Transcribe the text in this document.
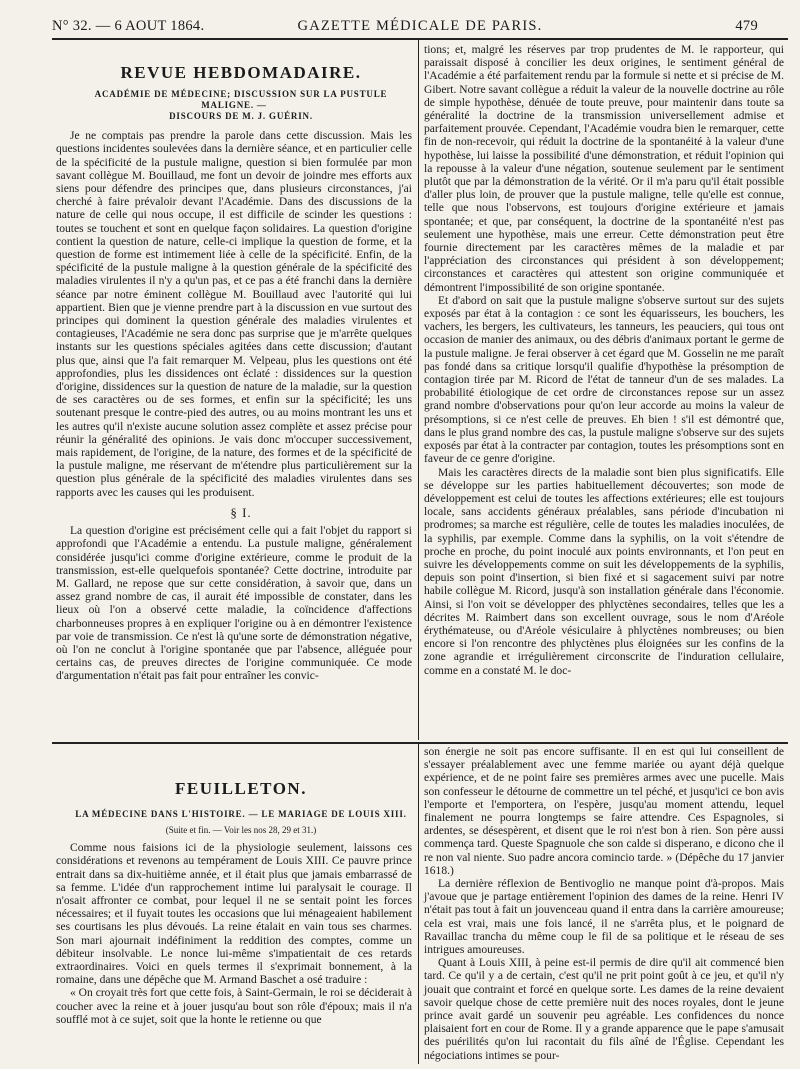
N° 32. — 6 AOUT 1864.	GAZETTE MÉDICALE DE PARIS.	479

REVUE HEBDOMADAIRE.

ACADÉMIE DE MÉDECINE; DISCUSSION SUR LA PUSTULE MALIGNE. —

DISCOURS DE M. J. GUÉRIN.

Je ne comptais pas prendre la parole dans cette discussion. Mais les questions incidentes soulevées dans la dernière séance, et en particulier celle de la spécificité de la pustule maligne, question si bien formulée par mon savant collègue M. Bouillaud, me font un devoir de joindre mes efforts aux siens pour défendre des principes que, dans plusieurs circonstances, j'ai cherché à faire prévaloir devant l'Académie. Dans des discussions de la nature de celle qui nous occupe, il est difficile de scinder les questions : toutes se touchent et sont en quelque façon solidaires. La question d'origine contient la question de nature, celle-ci implique la question de forme, et la question de forme est intimement liée à celle de la spécificité. Enfin, de la spécificité de la pustule maligne à la question générale de la spécificité des maladies virulentes il n'y a qu'un pas, et ce pas a été franchi dans la dernière séance par notre éminent collègue M. Bouillaud avec l'autorité qui lui appartient. Bien que je vienne prendre part à la discussion en vue surtout des principes qui dominent la question générale des maladies virulentes et contagieuses, l'Académie ne sera donc pas surprise que je m'arrête quelques instants sur les questions spéciales agitées dans cette discussion; d'autant plus que, ainsi que l'a fait remarquer M. Velpeau, plus les questions ont été approfondies, plus les dissidences ont éclaté : dissidences sur la question d'origine, dissidences sur la question de nature de la maladie, sur la question de ses caractères ou de ses formes, et enfin sur la spécificité; les uns soutenant presque le contre-pied des autres, ou au moins montrant les uns et les autres qu'il n'existe aucune solution assez complète et assez précise pour réunir la généralité des opinions. Je vais donc m'occuper successivement, mais rapidement, de l'origine, de la nature, des formes et de la spécificité de la pustule maligne, me réservant de m'étendre plus particulièrement sur la question plus générale de la spécificité des maladies virulentes dans ses rapports avec les causes qui les produisent.

§ I.

La question d'origine est précisément celle qui a fait l'objet du rapport si approfondi que l'Académie a entendu. La pustule maligne, généralement considérée jusqu'ici comme d'origine extérieure, comme le produit de la transmission, est-elle quelquefois spontanée? Cette doctrine, introduite par M. Gallard, ne repose que sur cette considération, à savoir que, dans un assez grand nombre de cas, il aurait été impossible de constater, dans les lieux où l'on a observé cette maladie, la coïncidence d'affections charbonneuses propres à en expliquer l'origine ou à en démontrer l'existence par voie de transmission. Ce n'est là qu'une sorte de démonstration négative, où l'on ne conclut à l'origine spontanée que par l'absence, alléguée pour certains cas, de preuves directes de l'origine communiquée. Ce mode d'argumentation n'était pas fait pour entraîner les convic-

tions; et, malgré les réserves par trop prudentes de M. le rapporteur, qui paraissait disposé à concilier les deux origines, le sentiment général de l'Académie a été parfaitement rendu par la formule si nette et si précise de M. Gibert. Notre savant collègue a réduit la valeur de la nouvelle doctrine au rôle de simple hypothèse, dénuée de toute preuve, pour maintenir dans toute sa généralité la doctrine de la transmission universellement admise et parfaitement prouvée. Cependant, l'Académie voudra bien le remarquer, cette fin de non-recevoir, qui réduit la doctrine de la spontanéité à la valeur d'une hypothèse, lui laisse la possibilité d'une démonstration, et réduit l'opinion qui la repousse à la valeur d'une négation, soutenue seulement par le sentiment plutôt que par la démonstration de la vérité. Or il m'a paru qu'il était possible d'aller plus loin, de prouver que la pustule maligne, telle qu'elle est connue, telle que nous l'observons, est toujours d'origine extérieure et jamais spontanée; et que, par conséquent, la doctrine de la spontanéité n'est pas seulement une hypothèse, mais une erreur. Cette démonstration peut être fournie directement par les caractères mêmes de la maladie et par l'appréciation des circonstances qui président à son développement; circonstances et caractères qui attestent son origine communiquée et démontrent l'impossibilité de son origine spontanée.

Et d'abord on sait que la pustule maligne s'observe surtout sur des sujets exposés par état à la contagion : ce sont les équarisseurs, les bouchers, les vachers, les bergers, les cultivateurs, les tanneurs, les peauciers, qui tous ont occasion de manier des animaux, ou des débris d'animaux portant le germe de la pustule maligne. Je ferai observer à cet égard que M. Gosselin ne me paraît pas fondé dans sa critique lorsqu'il qualifie d'hypothèse la présomption de contagion tirée par M. Ricord de l'état de tanneur d'un de ses malades. La probabilité étiologique de cet ordre de circonstances repose sur un assez grand nombre d'observations pour qu'on leur accorde au moins la valeur de présomptions, si ce n'est celle de preuves. Eh bien ! s'il est démontré que, dans le plus grand nombre des cas, la pustule maligne s'observe sur des sujets exposés par état à la contracter par contagion, toutes les présomptions sont en faveur de ce genre d'origine.

Mais les caractères directs de la maladie sont bien plus significatifs. Elle se développe sur les parties habituellement découvertes; son mode de développement est celui de toutes les affections extérieures; elle est toujours locale, sans accidents généraux préalables, sans période d'incubation ni prodromes; sa marche est régulière, celle de toutes les maladies inoculées, de la syphilis, par exemple. Comme dans la syphilis, on la voit s'étendre de proche en proche, du point inoculé aux points environnants, et l'on peut en suivre les développements comme on suit les développements de la syphilis, depuis son point d'insertion, si bien fixé et si sagacement suivi par notre habile collègue M. Ricord, jusqu'à son installation générale dans l'économie. Ainsi, si l'on voit se développer des phlyctènes secondaires, telles que les a décrites M. Raimbert dans son excellent ouvrage, sous le nom d'Aréole érythémateuse, ou d'Aréole vésiculaire à phlyctènes nombreuses; ou bien encore si l'on rencontre des phlyctènes plus éloignées sur les confins de la zone agrandie et irrégulièrement circonscrite de l'induration cellulaire, comme en a constaté M. le doc-

FEUILLETON.

LA MÉDECINE DANS L'HISTOIRE. — LE MARIAGE DE LOUIS XIII.

(Suite et fin. — Voir les nos 28, 29 et 31.)

Comme nous faisions ici de la physiologie seulement, laissons ces considérations et revenons au tempérament de Louis XIII. Ce pauvre prince entrait dans sa dix-huitième année, et il était plus que jamais embarrassé de sa femme. L'idée d'un rapprochement intime lui paralysait le courage. Il n'osait affronter ce combat, pour lequel il ne se sentait point les forces nécessaires; et il fuyait toutes les occasions que lui ménageaient habilement ses courtisans les plus dévoués. La reine étalait en vain tous ses charmes. Son mari ajournait indéfiniment la reddition des comptes, comme un débiteur insolvable. Le nonce lui-même s'impatientait de ces retards extraordinaires. Voici en quels termes il s'exprimait bonnement, à la romaine, dans une dépêche que M. Armand Baschet a osé traduire :

« On croyait très fort que cette fois, à Saint-Germain, le roi se déciderait à coucher avec la reine et à jouer jusqu'au bout son rôle d'époux; mais il n'a soufflé mot à ce sujet, soit que la honte le retienne ou que

son énergie ne soit pas encore suffisante. Il en est qui lui conseillent de s'essayer préalablement avec une femme mariée ou ayant déjà quelque expérience, et de ne point faire ses premières armes avec une pucelle. Mais son confesseur le détourne de commettre un tel péché, et jusqu'ici ce bon avis l'emporte et l'emportera, on l'espère, jusqu'au moment attendu, lequel finalement ne pourra longtemps se faire attendre. Ces Espagnoles, si ardentes, se désespèrent, et disent que le roi n'est bon à rien. Son père aussi commença tard. Queste Spagnuole che son calde si disperano, e dicono che il re non val niente. Suo padre ancora comincio tarde. » (Dépêche du 17 janvier 1618.)

La dernière réflexion de Bentivoglio ne manque point d'à-propos. Mais j'avoue que je partage entièrement l'opinion des dames de la reine. Henri IV n'était pas tout à fait un jouvenceau quand il entra dans la carrière amoureuse; cela est vrai, mais une fois lancé, il ne s'arrêta plus, et le poignard de Ravaillac trancha du même coup le fil de sa politique et le réseau de ses intrigues amoureuses.

Quant à Louis XIII, à peine est-il permis de dire qu'il ait commencé bien tard. Ce qu'il y a de certain, c'est qu'il ne prit point goût à ce jeu, et qu'il n'y jouait que contraint et forcé en quelque sorte. Les dames de la reine devaient savoir quelque chose de cette première nuit des noces royales, dont le jeune prince avait gardé un souvenir peu agréable. Les confidences du nonce plaisaient fort en cour de Rome. Il y a grande apparence que le pape s'amusait des puérilités qu'on lui racontait du fils aîné de l'Église. Cependant les négociations intimes se pour-
